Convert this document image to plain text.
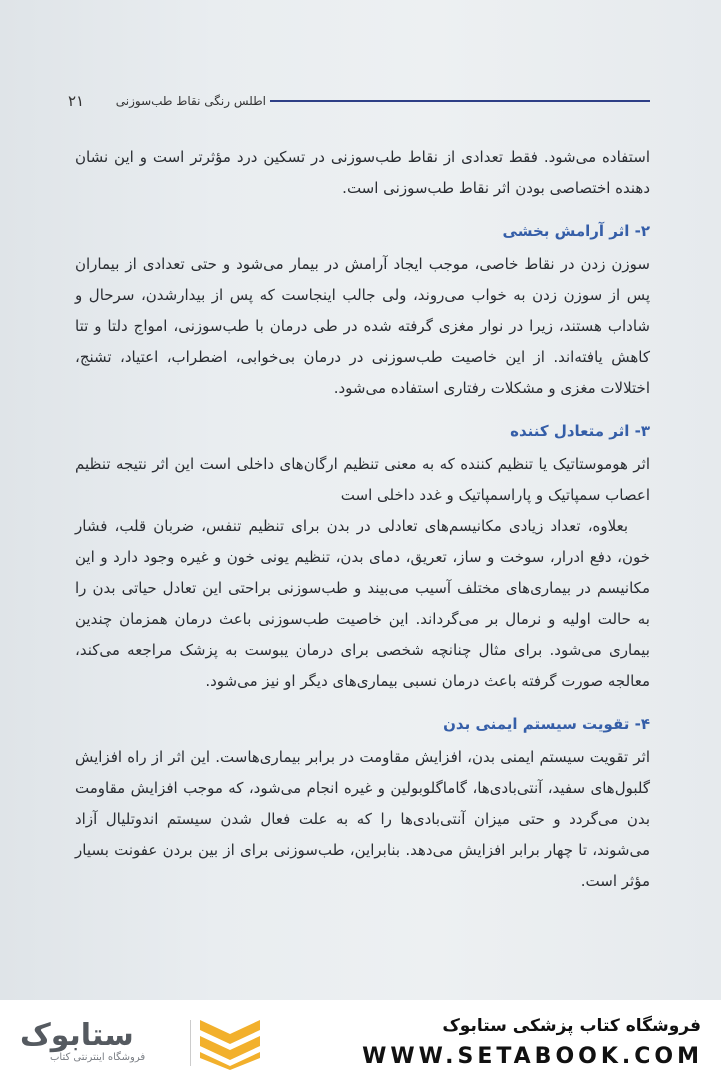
۲۱	اطلس رنگی نقاط طب‌سوزنی

استفاده می‌شود. فقط تعدادی از نقاط طب‌سوزنی در تسکین درد مؤثرتر است و این نشان دهنده اختصاصی بودن اثر نقاط طب‌سوزنی است.

۲- اثر آرامش بخشی

سوزن زدن در نقاط خاصی، موجب ایجاد آرامش در بیمار می‌شود و حتی تعدادی از بیماران پس از سوزن زدن به خواب می‌روند، ولی جالب اینجاست که پس از بیدارشدن، سرحال و شاداب هستند، زیرا در نوار مغزی گرفته شده در طی درمان با طب‌سوزنی، امواج دلتا و تتا کاهش یافته‌اند. از این خاصیت طب‌سوزنی در درمان بی‌خوابی، اضطراب، اعتیاد، تشنج، اختلالات مغزی و مشکلات رفتاری استفاده می‌شود.

۳- اثر متعادل کننده

اثر هوموستاتیک یا تنظیم کننده که به معنی تنظیم ارگان‌های داخلی است این اثر نتیجه تنظیم اعصاب سمپاتیک و پاراسمپاتیک و غدد داخلی است

بعلاوه، تعداد زیادی مکانیسم‌های تعادلی در بدن برای تنظیم تنفس، ضربان قلب، فشار خون، دفع ادرار، سوخت و ساز، تعریق، دمای بدن، تنظیم یونی خون و غیره وجود دارد و این مکانیسم در بیماری‌های مختلف آسیب می‌بیند و طب‌سوزنی براحتی این تعادل حیاتی بدن را به حالت اولیه و نرمال بر می‌گرداند. این خاصیت طب‌سوزنی باعث درمان همزمان چندین بیماری می‌شود. برای مثال چنانچه شخصی برای درمان یبوست به پزشک مراجعه می‌کند، معالجه صورت گرفته باعث درمان نسبی بیماری‌های دیگر او نیز می‌شود.

۴- تقویت سیستم ایمنی بدن

اثر تقویت سیستم ایمنی بدن، افزایش مقاومت در برابر بیماری‌هاست. این اثر از راه افزایش گلبول‌های سفید، آنتی‌بادی‌ها، گاماگلوبولین و غیره انجام می‌شود، که موجب افزایش مقاومت بدن می‌گردد و حتی میزان آنتی‌بادی‌ها را که به علت فعال شدن سیستم اندوتلیال آزاد می‌شوند، تا چهار برابر افزایش می‌دهد. بنابراین، طب‌سوزنی برای از بین بردن عفونت بسیار مؤثر است.

ستابوک
فروشگاه اینترنتی کتاب
فروشگاه کتاب پزشکی ستابوک
WWW.SETABOOK.COM
